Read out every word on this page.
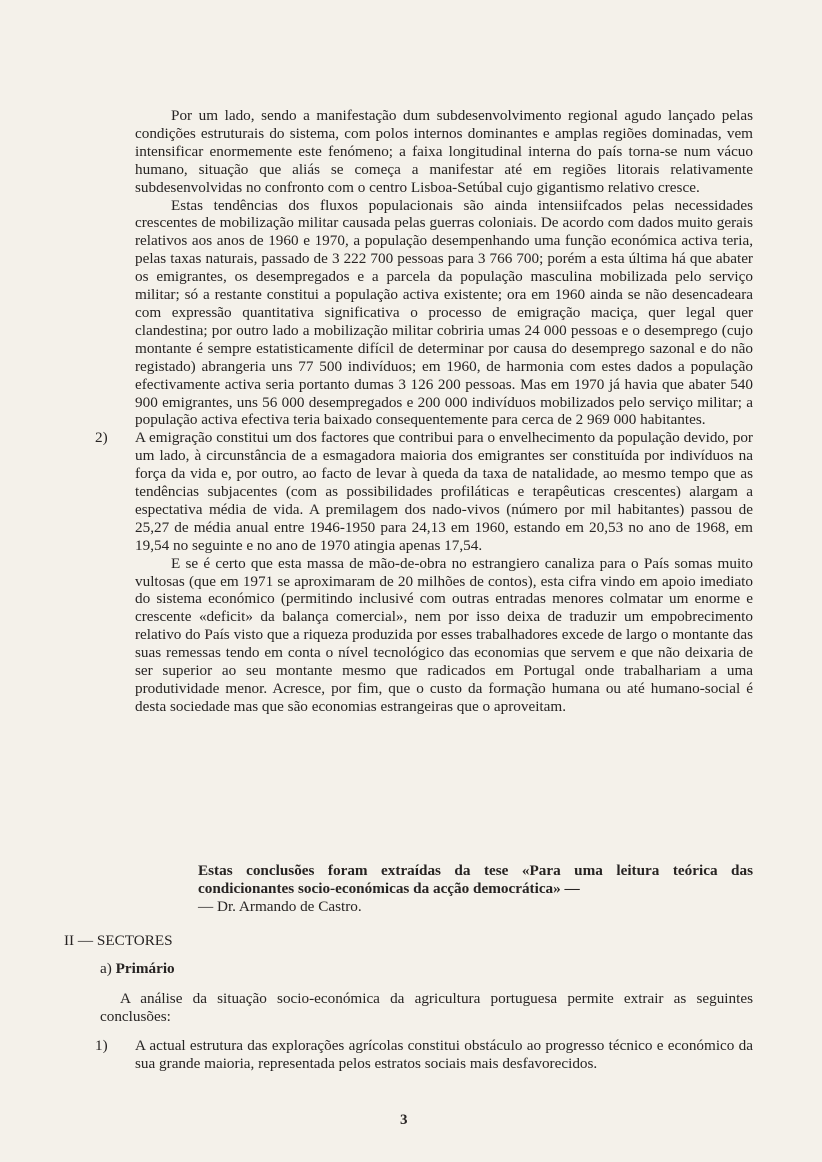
Por um lado, sendo a manifestação dum subdesenvolvimento regional agudo lançado pelas condições estruturais do sistema, com polos internos dominantes e amplas regiões dominadas, vem intensificar enormemente este fenómeno; a faixa longitudinal interna do país torna-se num vácuo humano, situação que aliás se começa a manifestar até em regiões litorais relativamente subdesenvolvidas no confronto com o centro Lisboa-Setúbal cujo gigantismo relativo cresce.

Estas tendências dos fluxos populacionais são ainda intensiifcados pelas necessidades crescentes de mobilização militar causada pelas guerras coloniais. De acordo com dados muito gerais relativos aos anos de 1960 e 1970, a população desempenhando uma função económica activa teria, pelas taxas naturais, passado de 3 222 700 pessoas para 3 766 700; porém a esta última há que abater os emigrantes, os desempregados e a parcela da população masculina mobilizada pelo serviço militar; só a restante constitui a população activa existente; ora em 1960 ainda se não desencadeara com expressão quantitativa significativa o processo de emigração maciça, quer legal quer clandestina; por outro lado a mobilização militar cobriria umas 24 000 pessoas e o desemprego (cujo montante é sempre estatisticamente difícil de determinar por causa do desemprego sazonal e do não registado) abrangeria uns 77 500 indivíduos; em 1960, de harmonia com estes dados a população efectivamente activa seria portanto dumas 3 126 200 pessoas. Mas em 1970 já havia que abater 540 900 emigrantes, uns 56 000 desempregados e 200 000 indivíduos mobilizados pelo serviço militar; a população activa efectiva teria baixado consequentemente para cerca de 2 969 000 habitantes.

2) A emigração constitui um dos factores que contribui para o envelhecimento da população devido, por um lado, à circunstância de a esmagadora maioria dos emigrantes ser constituída por indivíduos na força da vida e, por outro, ao facto de levar à queda da taxa de natalidade, ao mesmo tempo que as tendências subjacentes (com as possibilidades profiláticas e terapêuticas crescentes) alargam a espectativa média de vida. A premilagem dos nado-vivos (número por mil habitantes) passou de 25,27 de média anual entre 1946-1950 para 24,13 em 1960, estando em 20,53 no ano de 1968, em 19,54 no seguinte e no ano de 1970 atingia apenas 17,54.

E se é certo que esta massa de mão-de-obra no estrangiero canaliza para o País somas muito vultosas (que em 1971 se aproximaram de 20 milhões de contos), esta cifra vindo em apoio imediato do sistema económico (permitindo inclusivé com outras entradas menores colmatar um enorme e crescente «deficit» da balança comercial», nem por isso deixa de traduzir um empobrecimento relativo do País visto que a riqueza produzida por esses trabalhadores excede de largo o montante das suas remessas tendo em conta o nível tecnológico das economias que servem e que não deixaria de ser superior ao seu montante mesmo que radicados em Portugal onde trabalhariam a uma produtividade menor. Acresce, por fim, que o custo da formação humana ou até humano-social é desta sociedade mas que são economias estrangeiras que o aproveitam.

Estas conclusões foram extraídas da tese «Para uma leitura teórica das condicionantes socio-económicas da acção democrática» —
— Dr. Armando de Castro.

II — SECTORES

a) Primário

A análise da situação socio-económica da agricultura portuguesa permite extrair as seguintes conclusões:

1) A actual estrutura das explorações agrícolas constitui obstáculo ao progresso técnico e económico da sua grande maioria, representada pelos estratos sociais mais desfavorecidos.

3
